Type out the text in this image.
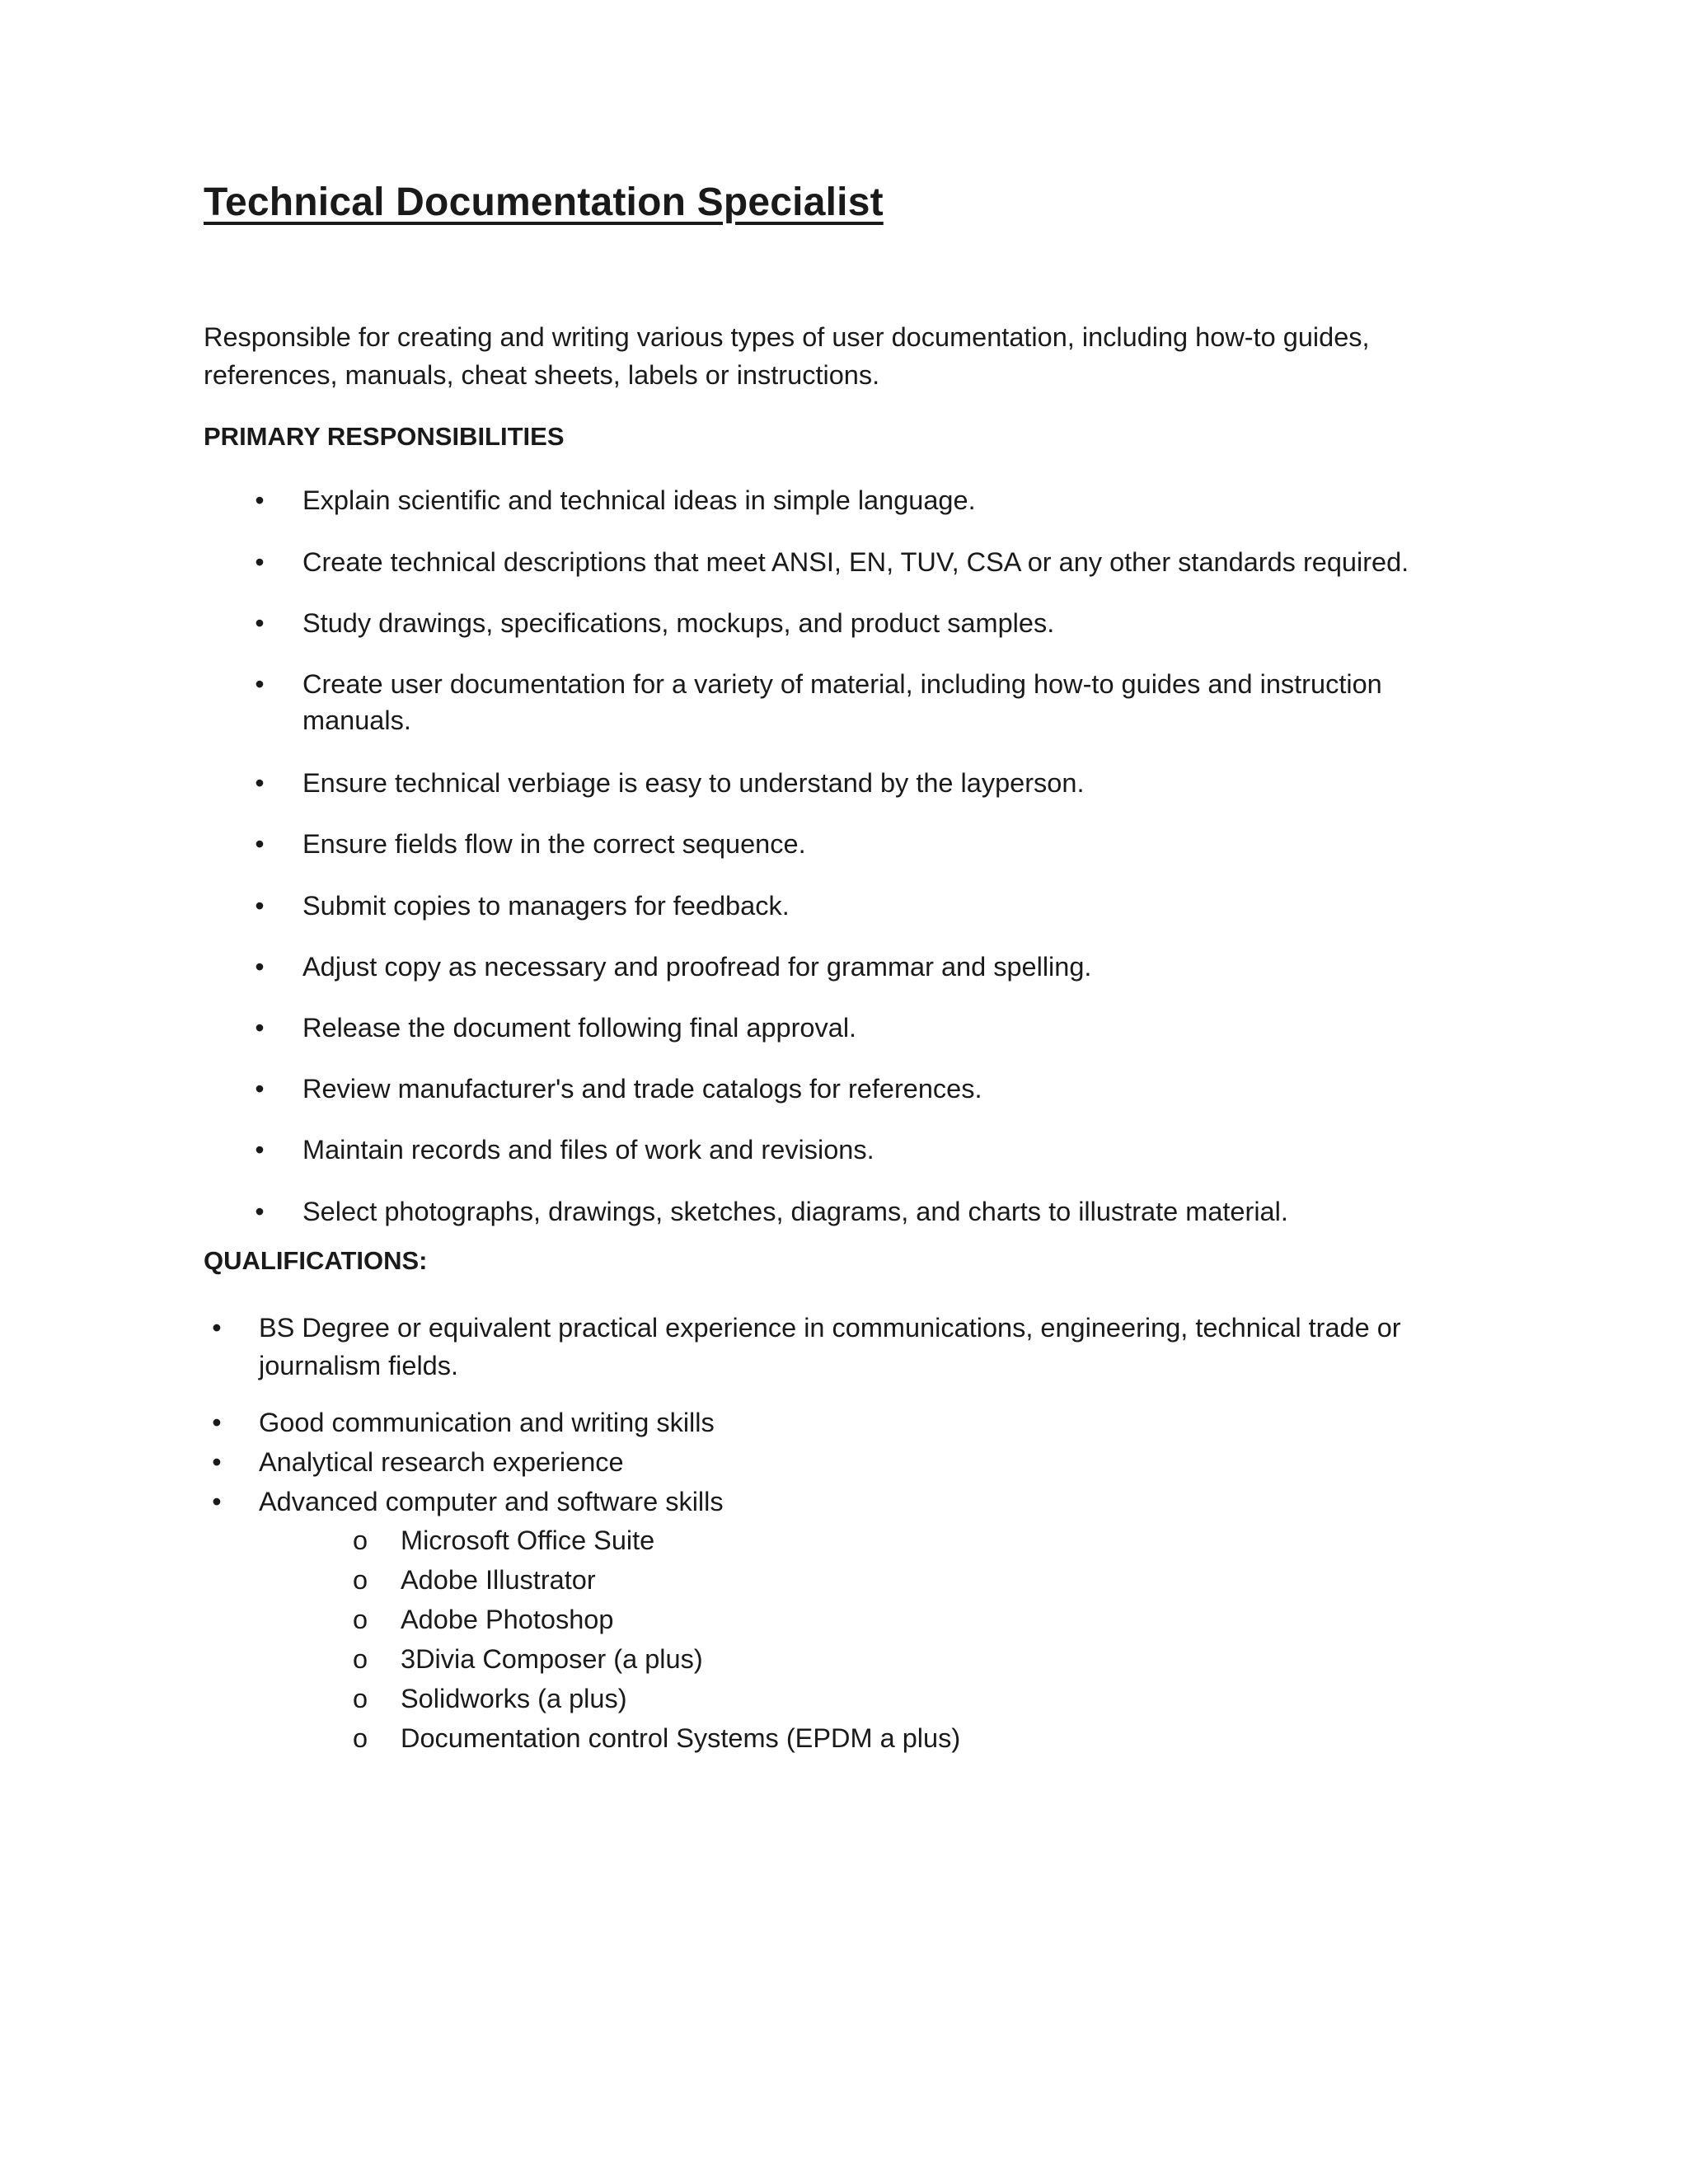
Technical Documentation Specialist

Responsible for creating and writing various types of user documentation, including how-to guides, references, manuals, cheat sheets, labels or instructions.

PRIMARY RESPONSIBILITIES
• Explain scientific and technical ideas in simple language.
• Create technical descriptions that meet ANSI, EN, TUV, CSA or any other standards required.
• Study drawings, specifications, mockups, and product samples.
• Create user documentation for a variety of material, including how-to guides and instruction manuals.
• Ensure technical verbiage is easy to understand by the layperson.
• Ensure fields flow in the correct sequence.
• Submit copies to managers for feedback.
• Adjust copy as necessary and proofread for grammar and spelling.
• Release the document following final approval.
• Review manufacturer's and trade catalogs for references.
• Maintain records and files of work and revisions.
• Select photographs, drawings, sketches, diagrams, and charts to illustrate material.
QUALIFICATIONS:
• BS Degree or equivalent practical experience in communications, engineering, technical trade or journalism fields.
• Good communication and writing skills
• Analytical research experience
• Advanced computer and software skills
o Microsoft Office Suite
o Adobe Illustrator
o Adobe Photoshop
o 3Divia Composer (a plus)
o Solidworks (a plus)
o Documentation control Systems (EPDM a plus)
